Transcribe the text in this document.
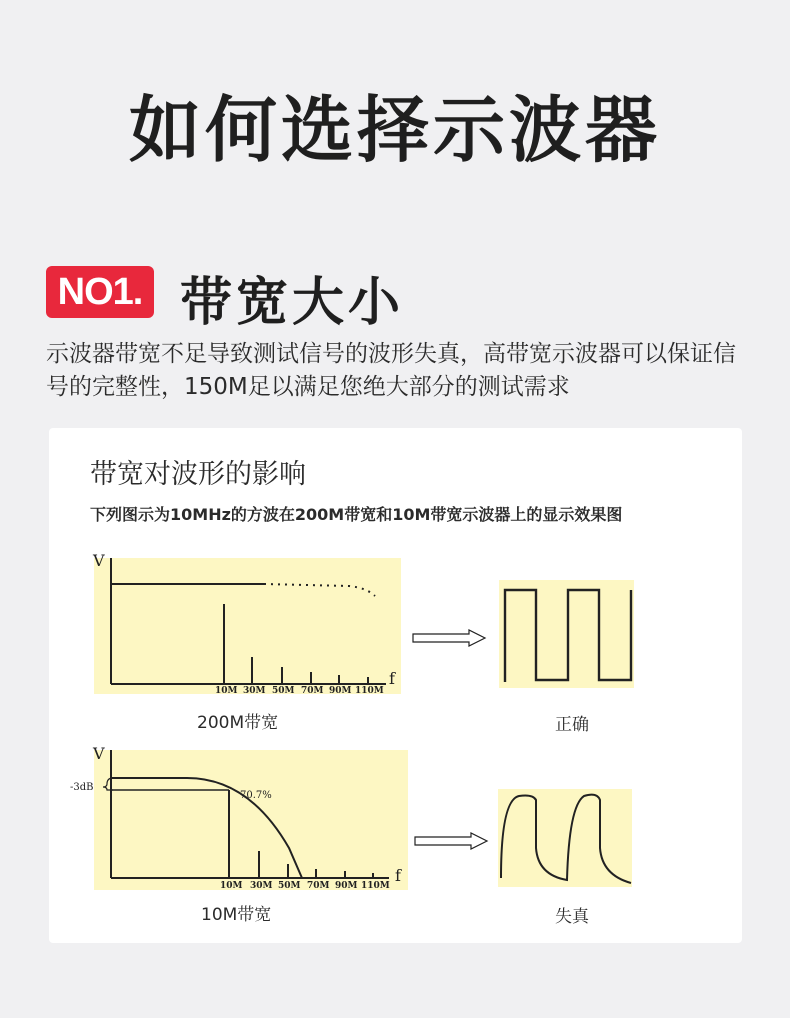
如何选择示波器
NO1. 带宽大小
示波器带宽不足导致测试信号的波形失真，高带宽示波器可以保证信号的完整性，150M足以满足您绝大部分的测试需求
带宽对波形的影响
下列图示为10MHz的方波在200M带宽和10M带宽示波器上的显示效果图
V
f
10M 30M 50M 70M 90M 110M
V
f
-3dB
70.7%
10M 30M 50M 70M 90M 110M
200M带宽	正确
10M带宽	失真
